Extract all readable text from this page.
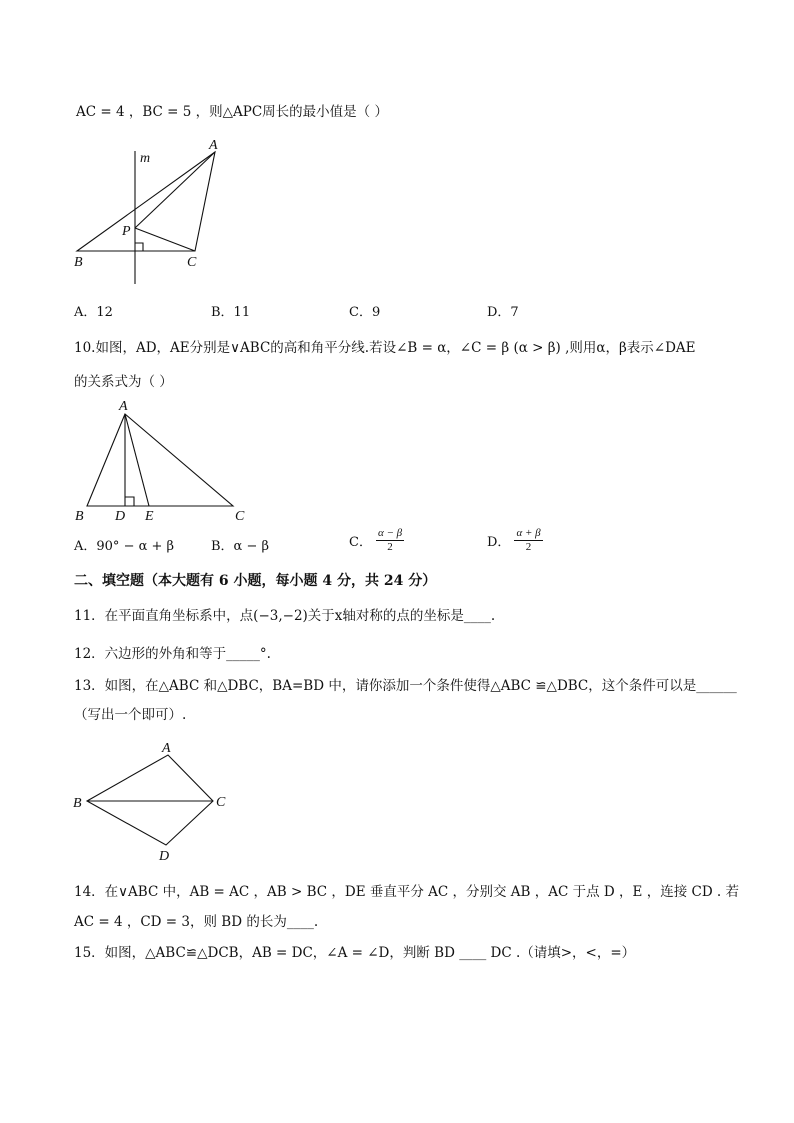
AC = 4 ，BC = 5 ，则△APC周长的最小值是（ ）
m
A
P
B	C
A．12	B．11	C．9	D．7
10.如图，AD，AE分别是∨ABC的高和角平分线.若设∠B = α，∠C = β (α > β) ,则用α，β表示∠DAE
的关系式为（ ）
A
B D E	C
A．90° − α + β	B．α − β	C． $\frac{\alpha - \beta}{2}$	D． $\frac{\alpha + \beta}{2}$
二、填空题（本大题有 6 小题，每小题 4 分，共 24 分）
11．在平面直角坐标系中，点(−3,−2)关于x轴对称的点的坐标是____.
12．六边形的外角和等于_____°.
13．如图，在△ABC 和△DBC，BA=BD 中，请你添加一个条件使得△ABC ≌△DBC，这个条件可以是______
（写出一个即可）.
A
B	C
D
14．在∨ABC 中，AB = AC ，AB > BC ，DE 垂直平分 AC ，分别交 AB ，AC 于点 D ，E ，连接 CD . 若
AC = 4 ，CD = 3，则 BD 的长为____.
15．如图，△ABC≌△DCB，AB = DC，∠A = ∠D，判断 BD ____ DC .（请填>，<，=）
